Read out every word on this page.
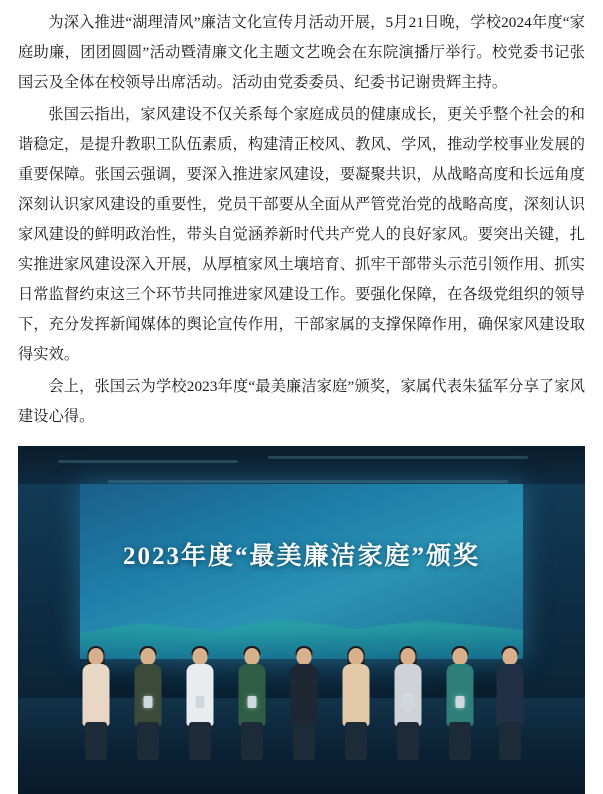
为深入推进“湖理清风”廉洁文化宣传月活动开展，5月21日晚，学校2024年度“家庭助廉，团团圆圆”活动暨清廉文化主题文艺晚会在东院演播厅举行。校党委书记张国云及全体在校领导出席活动。活动由党委委员、纪委书记谢贵辉主持。

张国云指出，家风建设不仅关系每个家庭成员的健康成长，更关乎整个社会的和谐稳定，是提升教职工队伍素质，构建清正校风、教风、学风，推动学校事业发展的重要保障。张国云强调，要深入推进家风建设，要凝聚共识，从战略高度和长远角度深刻认识家风建设的重要性，党员干部要从全面从严管党治党的战略高度，深刻认识家风建设的鲜明政治性，带头自觉涵养新时代共产党人的良好家风。要突出关键，扎实推进家风建设深入开展，从厚植家风土壤培育、抓牢干部带头示范引领作用、抓实日常监督约束这三个环节共同推进家风建设工作。要强化保障，在各级党组织的领导下，充分发挥新闻媒体的舆论宣传作用，干部家属的支撑保障作用，确保家风建设取得实效。

会上，张国云为学校2023年度“最美廉洁家庭”颁奖，家属代表朱猛军分享了家风建设心得。

2023年度“最美廉洁家庭”颁奖
